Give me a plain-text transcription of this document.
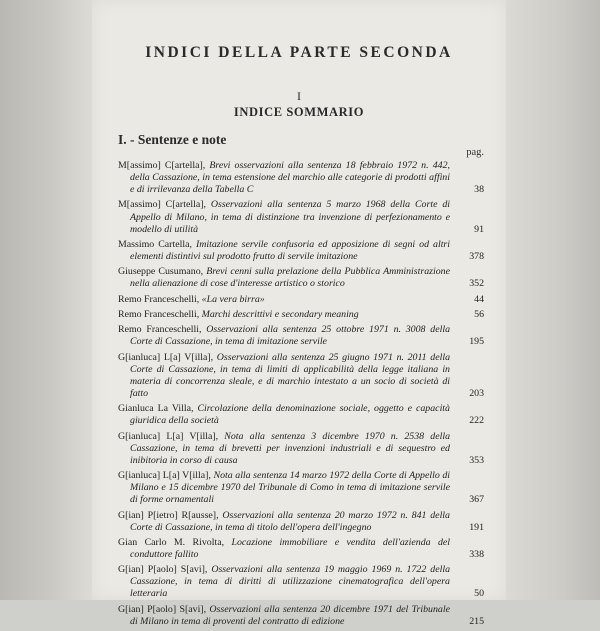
INDICI DELLA PARTE SECONDA
I
INDICE SOMMARIO
I. - Sentenze e note
pag.
M[assimo] C[artella], Brevi osservazioni alla sentenza 18 febbraio 1972 n. 442, della Cassazione, in tema estensione del marchio alle categorie di prodotti affini e di irrilevanza della Tabella C	38
M[assimo] C[artella], Osservazioni alla sentenza 5 marzo 1968 della Corte di Appello di Milano, in tema di distinzione tra invenzione di perfezionamento e modello di utilità	91
Massimo Cartella, Imitazione servile confusoria ed apposizione di segni od altri elementi distintivi sul prodotto frutto di servile imitazione	378
Giuseppe Cusumano, Brevi cenni sulla prelazione della Pubblica Amministrazione nella alienazione di cose d'interesse artistico o storico	352
Remo Franceschelli, «La vera birra»	44
Remo Franceschelli, Marchi descrittivi e secondary meaning	56
Remo Franceschelli, Osservazioni alla sentenza 25 ottobre 1971 n. 3008 della Corte di Cassazione, in tema di imitazione servile	195
G[ianluca] L[a] V[illa], Osservazioni alla sentenza 25 giugno 1971 n. 2011 della Corte di Cassazione, in tema di limiti di applicabilità della legge italiana in materia di concorrenza sleale, e di marchio intestato a un socio di società di fatto	203
Gianluca La Villa, Circolazione della denominazione sociale, oggetto e capacità giuridica della società	222
G[ianluca] L[a] V[illa], Nota alla sentenza 3 dicembre 1970 n. 2538 della Cassazione, in tema di brevetti per invenzioni industriali e di sequestro ed inibitoria in corso di causa	353
G[ianluca] L[a] V[illa], Nota alla sentenza 14 marzo 1972 della Corte di Appello di Milano e 15 dicembre 1970 del Tribunale di Como in tema di imitazione servile di forme ornamentali	367
G[ian] P[ietro] R[ausse], Osservazioni alla sentenza 20 marzo 1972 n. 841 della Corte di Cassazione, in tema di titolo dell'opera dell'ingegno	191
Gian Carlo M. Rivolta, Locazione immobiliare e vendita dell'azienda del conduttore fallito	338
G[ian] P[aolo] S[avi], Osservazioni alla sentenza 19 maggio 1969 n. 1722 della Cassazione, in tema di diritti di utilizzazione cinematografica dell'opera letteraria	50
G[ian] P[aolo] S[avi], Osservazioni alla sentenza 20 dicembre 1971 del Tribunale di Milano in tema di proventi del contratto di edizione	215
